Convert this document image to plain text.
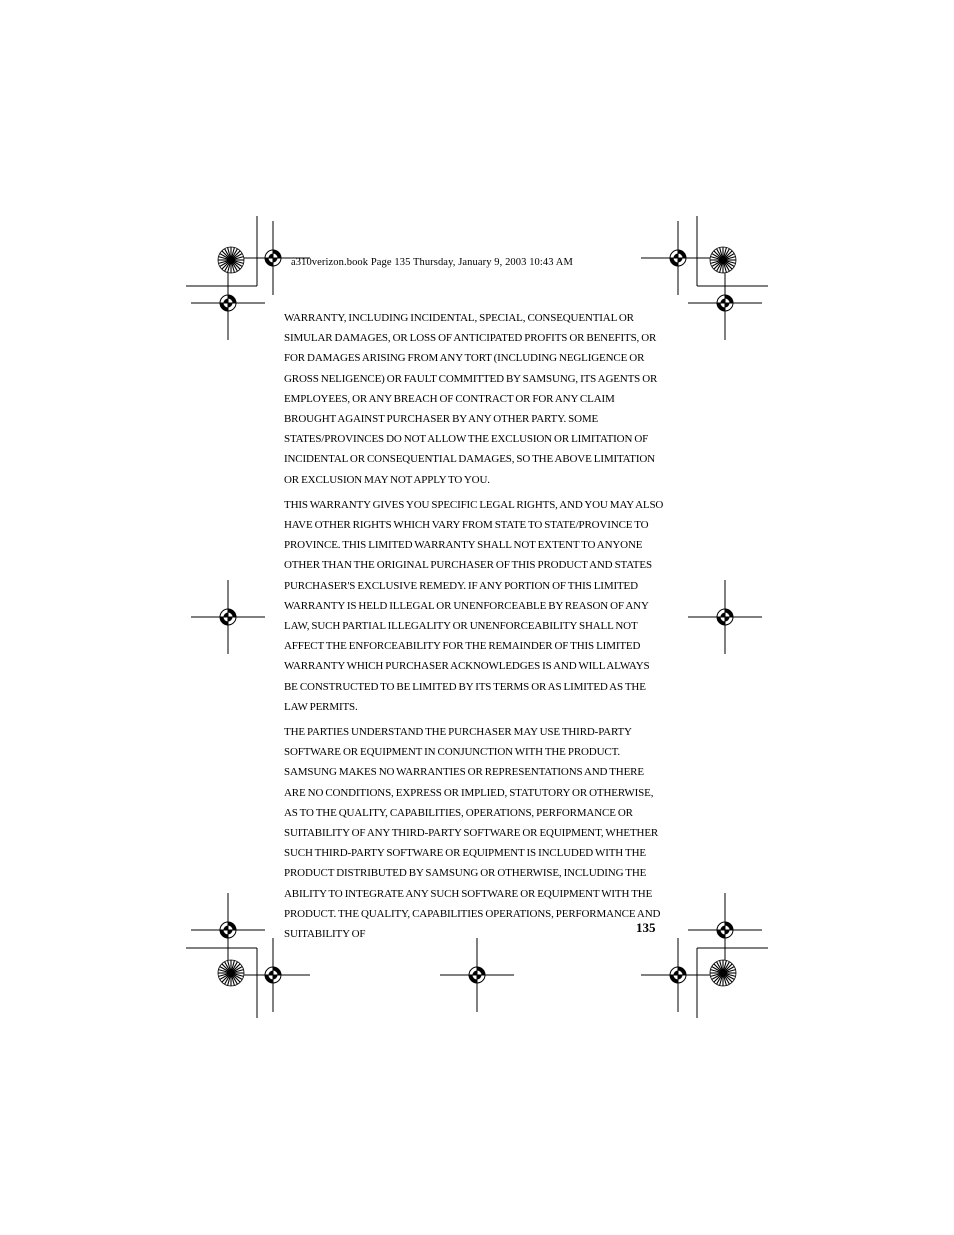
a310verizon.book Page 135 Thursday, January 9, 2003 10:43 AM

WARRANTY, INCLUDING INCIDENTAL, SPECIAL, CONSEQUENTIAL OR SIMULAR DAMAGES, OR LOSS OF ANTICIPATED PROFITS OR BENEFITS, OR FOR DAMAGES ARISING FROM ANY TORT (INCLUDING NEGLIGENCE OR GROSS NELIGENCE) OR FAULT COMMITTED BY SAMSUNG, ITS AGENTS OR EMPLOYEES, OR ANY BREACH OF CONTRACT OR FOR ANY CLAIM BROUGHT AGAINST PURCHASER BY ANY OTHER PARTY. SOME STATES/PROVINCES DO NOT ALLOW THE EXCLUSION OR LIMITATION OF INCIDENTAL OR CONSEQUENTIAL DAMAGES, SO THE ABOVE LIMITATION OR EXCLUSION MAY NOT APPLY TO YOU.

THIS WARRANTY GIVES YOU SPECIFIC LEGAL RIGHTS, AND YOU MAY ALSO HAVE OTHER RIGHTS WHICH VARY FROM STATE TO STATE/PROVINCE TO PROVINCE. THIS LIMITED WARRANTY SHALL NOT EXTENT TO ANYONE OTHER THAN THE ORIGINAL PURCHASER OF THIS PRODUCT AND STATES PURCHASER'S EXCLUSIVE REMEDY. IF ANY PORTION OF THIS LIMITED WARRANTY IS HELD ILLEGAL OR UNENFORCEABLE BY REASON OF ANY LAW, SUCH PARTIAL ILLEGALITY OR UNENFORCEABILITY SHALL NOT AFFECT THE ENFORCEABILITY FOR THE REMAINDER OF THIS LIMITED WARRANTY WHICH PURCHASER ACKNOWLEDGES IS AND WILL ALWAYS BE CONSTRUCTED TO BE LIMITED BY ITS TERMS OR AS LIMITED AS THE LAW PERMITS.

THE PARTIES UNDERSTAND THE PURCHASER MAY USE THIRD-PARTY SOFTWARE OR EQUIPMENT IN CONJUNCTION WITH THE PRODUCT. SAMSUNG MAKES NO WARRANTIES OR REPRESENTATIONS AND THERE ARE NO CONDITIONS, EXPRESS OR IMPLIED, STATUTORY OR OTHERWISE, AS TO THE QUALITY, CAPABILITIES, OPERATIONS, PERFORMANCE OR SUITABILITY OF ANY THIRD-PARTY SOFTWARE OR EQUIPMENT, WHETHER SUCH THIRD-PARTY SOFTWARE OR EQUIPMENT IS INCLUDED WITH THE PRODUCT DISTRIBUTED BY SAMSUNG OR OTHERWISE, INCLUDING THE ABILITY TO INTEGRATE ANY SUCH SOFTWARE OR EQUIPMENT WITH THE PRODUCT. THE QUALITY, CAPABILITIES OPERATIONS, PERFORMANCE AND SUITABILITY OF	135
